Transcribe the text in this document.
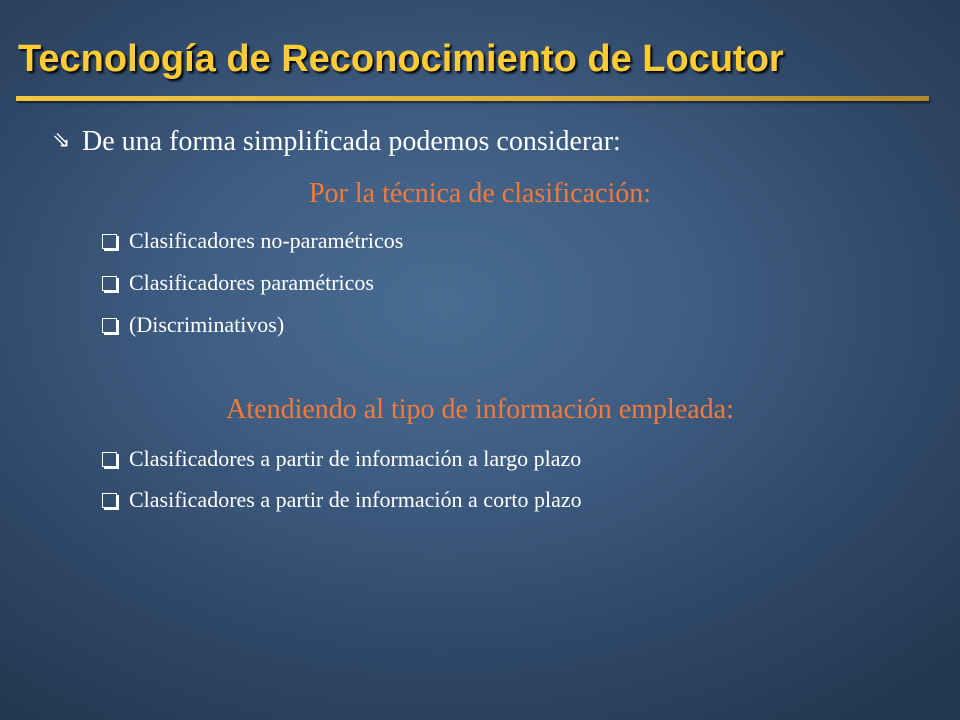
Tecnología de Reconocimiento de Locutor
⇘ De una forma simplificada podemos considerar:
Por la técnica de clasificación:
Clasificadores no-paramétricos
Clasificadores paramétricos
(Discriminativos)
Atendiendo al tipo de información empleada:
Clasificadores a partir de información a largo plazo
Clasificadores a partir de información a corto plazo
